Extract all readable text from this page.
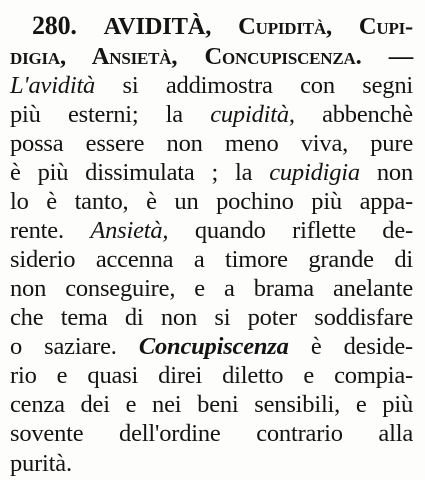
280. AVIDITÀ, Cupidità, Cupi-
digia, Ansietà, Concupiscenza. —
L'avidità si addimostra con segni
più esterni; la cupidità, abbenchè
possa essere non meno viva, pure
è più dissimulata ; la cupidigia non
lo è tanto, è un pochino più appa-
rente. Ansietà, quando riflette de-
siderio accenna a timore grande di
non conseguire, e a brama anelante
che tema di non si poter soddisfare
o saziare. Concupiscenza è deside-
rio e quasi direi diletto e compia-
cenza dei e nei beni sensibili, e più
sovente dell'ordine contrario alla
purità.
